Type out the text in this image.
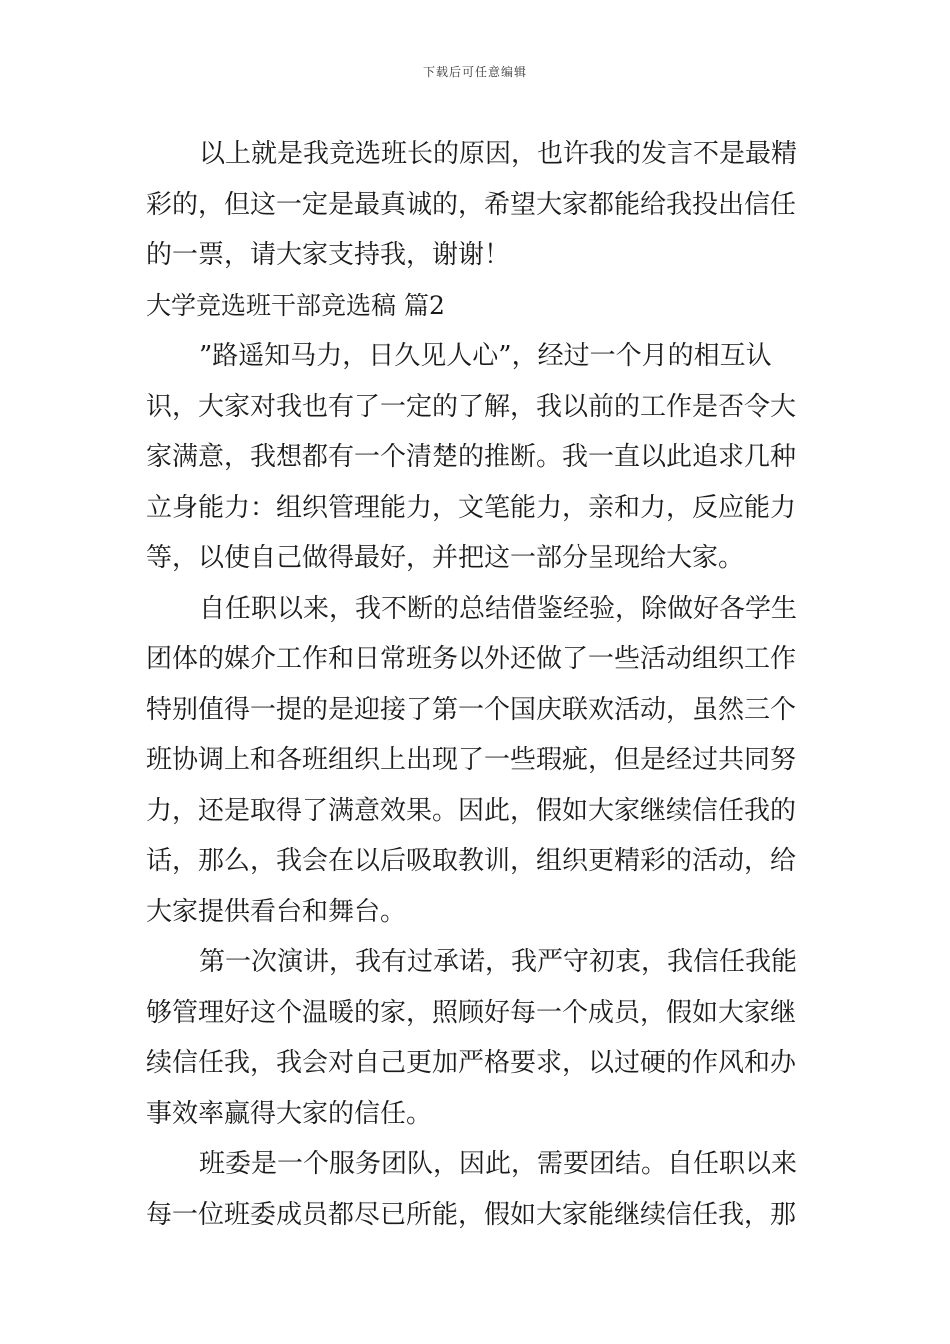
下载后可任意编辑
以上就是我竞选班长的原因，也许我的发言不是最精
彩的，但这一定是最真诚的，希望大家都能给我投出信任
的一票，请大家支持我，谢谢！
大学竞选班干部竞选稿 篇2
”路遥知马力，日久见人心”，经过一个月的相互认
识，大家对我也有了一定的了解，我以前的工作是否令大
家满意，我想都有一个清楚的推断。我一直以此追求几种
立身能力：组织管理能力，文笔能力，亲和力，反应能力
等，以使自己做得最好，并把这一部分呈现给大家。
自任职以来，我不断的总结借鉴经验，除做好各学生
团体的媒介工作和日常班务以外还做了一些活动组织工作
特别值得一提的是迎接了第一个国庆联欢活动，虽然三个
班协调上和各班组织上出现了一些瑕疵，但是经过共同努
力，还是取得了满意效果。因此，假如大家继续信任我的
话，那么，我会在以后吸取教训，组织更精彩的活动，给
大家提供看台和舞台。
第一次演讲，我有过承诺，我严守初衷，我信任我能
够管理好这个温暖的家，照顾好每一个成员，假如大家继
续信任我，我会对自己更加严格要求，以过硬的作风和办
事效率赢得大家的信任。
班委是一个服务团队，因此，需要团结。自任职以来
每一位班委成员都尽已所能，假如大家能继续信任我，那
